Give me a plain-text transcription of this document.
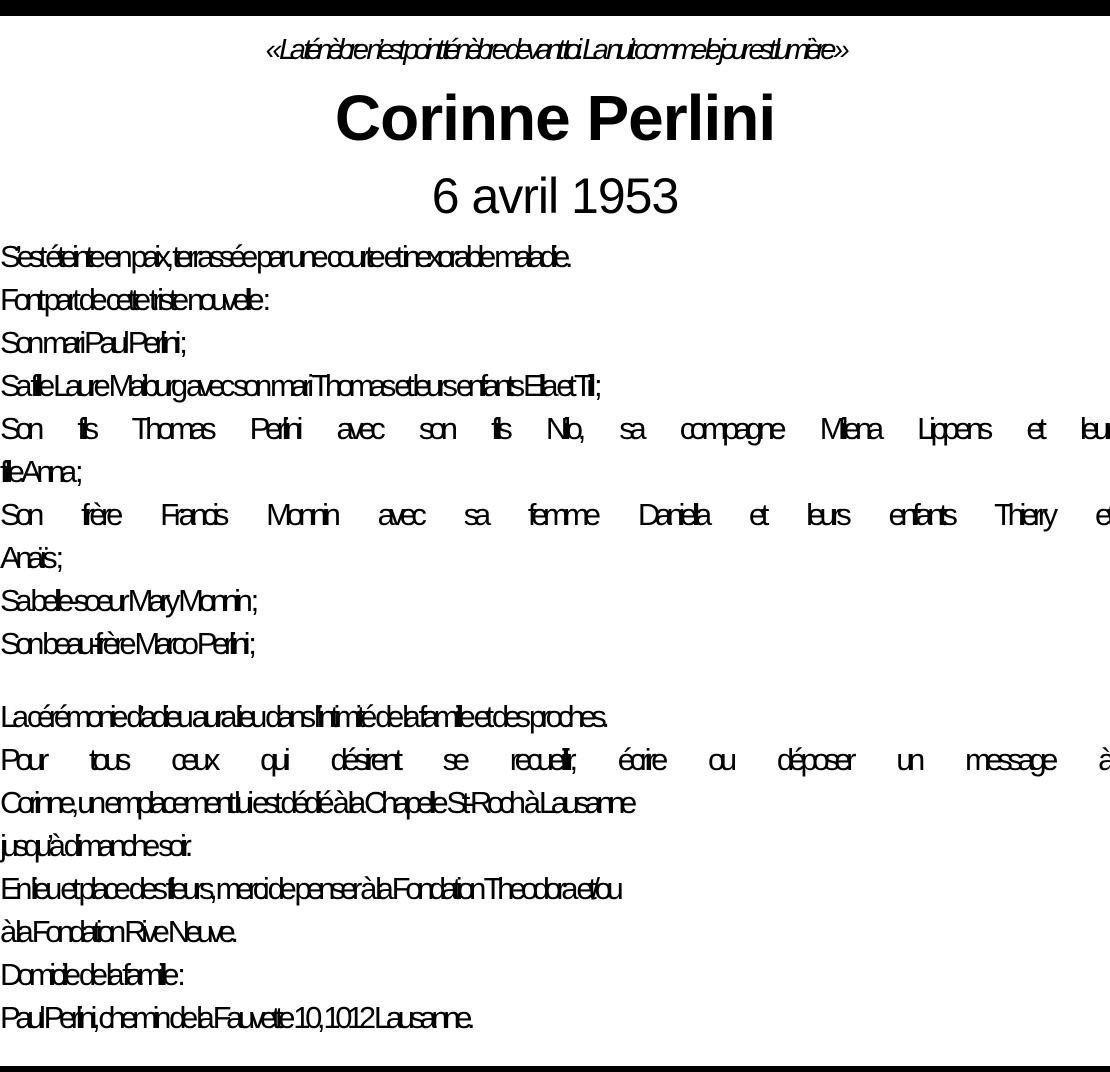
« La ténèbre n’est point ténèbre devant toi. La nuit comme le jour est lumière »
Corinne Perlini
6 avril 1953
S’est éteinte en paix, terrassée par une courte et inexorable maladie.
Font part de cette triste nouvelle :
Son mari Paul Perlini ;
Sa fille Laure Maiburg avec son mari Thomas et leurs enfants Ella et Till ;
Son fils Thomas Perlini avec son fils Nilo, sa compagne Milena Lippens et leur
fille Anna ;
Son frère Francis Monnin avec sa femme Daniella et leurs enfants Thierry et
Anaïs ;
Sa belle-sœur Mary Monnin ;
Son beau-frère Marco Perlini ;
La cérémonie d’adieu aura lieu dans l’intimité de la famille et des proches.
Pour tous ceux qui désirent se recueillir, écrire ou déposer un message à
Corinne, un emplacement lui est dédié à la Chapelle St-Roch à Lausanne
jusqu’à dimanche soir.
En lieu et place des fleurs, merci de penser à la Fondation Theodora et/ou
à la Fondation Rive Neuve.
Domicile de la famille :
Paul Perlini, chemin de la Fauvette 10, 1012 Lausanne.
